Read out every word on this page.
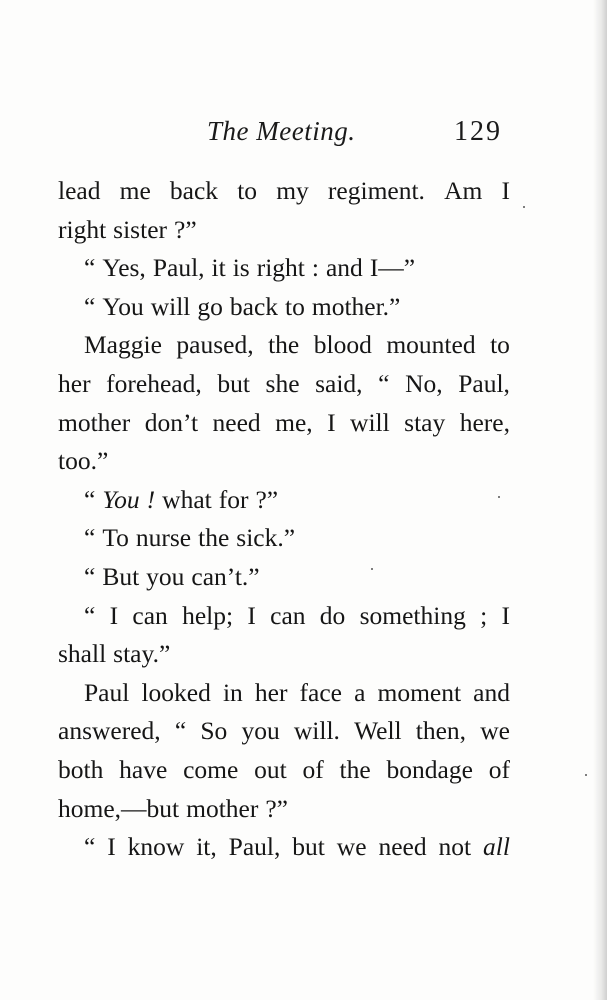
The Meeting.	129
lead me back to my regiment. Am I
right sister ?”
“ Yes, Paul, it is right : and I—”
“ You will go back to mother.”
Maggie paused, the blood mounted to
her forehead, but she said, “ No, Paul,
mother don’t need me, I will stay here,
too.”
“ You ! what for ?”
“ To nurse the sick.”
“ But you can’t.”
“ I can help; I can do something ; I
shall stay.”
Paul looked in her face a moment and
answered, “ So you will. Well then, we
both have come out of the bondage of
home,—but mother ?”
“ I know it, Paul, but we need not all
